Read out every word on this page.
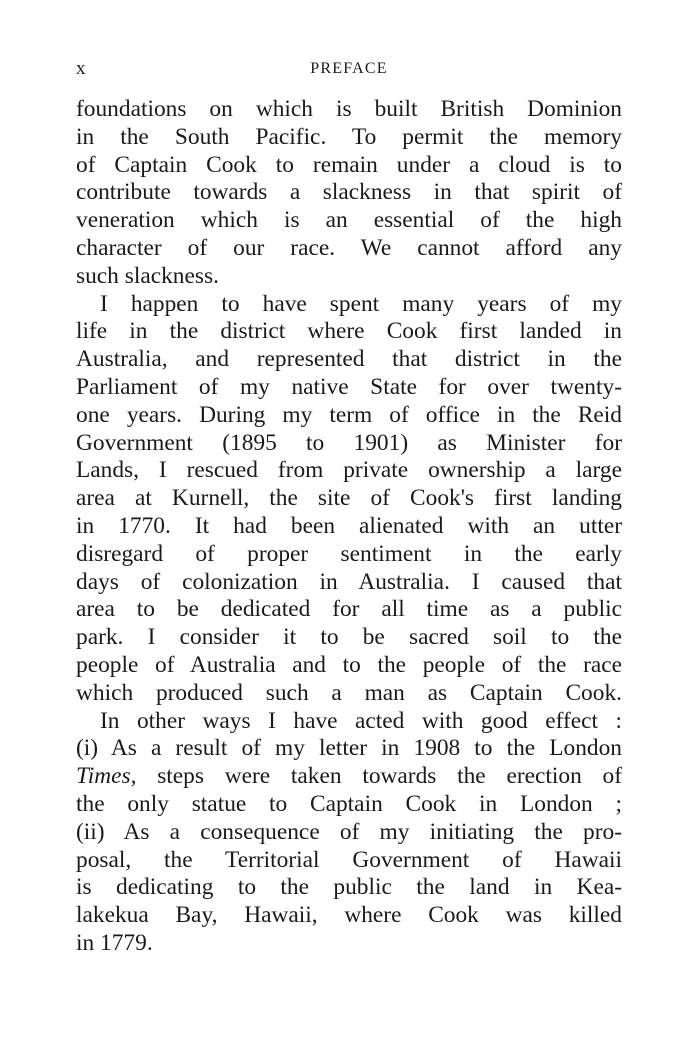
x	PREFACE
foundations on which is built British Dominion
in the South Pacific. To permit the memory
of Captain Cook to remain under a cloud is to
contribute towards a slackness in that spirit of
veneration which is an essential of the high
character of our race. We cannot afford any
such slackness.
I happen to have spent many years of my
life in the district where Cook first landed in
Australia, and represented that district in the
Parliament of my native State for over twenty-
one years. During my term of office in the Reid
Government (1895 to 1901) as Minister for
Lands, I rescued from private ownership a large
area at Kurnell, the site of Cook's first landing
in 1770. It had been alienated with an utter
disregard of proper sentiment in the early
days of colonization in Australia. I caused that
area to be dedicated for all time as a public
park. I consider it to be sacred soil to the
people of Australia and to the people of the race
which produced such a man as Captain Cook.
In other ways I have acted with good effect :
(i) As a result of my letter in 1908 to the London
Times, steps were taken towards the erection of
the only statue to Captain Cook in London ;
(ii) As a consequence of my initiating the pro-
posal, the Territorial Government of Hawaii
is dedicating to the public the land in Kea-
lakekua Bay, Hawaii, where Cook was killed
in 1779.
